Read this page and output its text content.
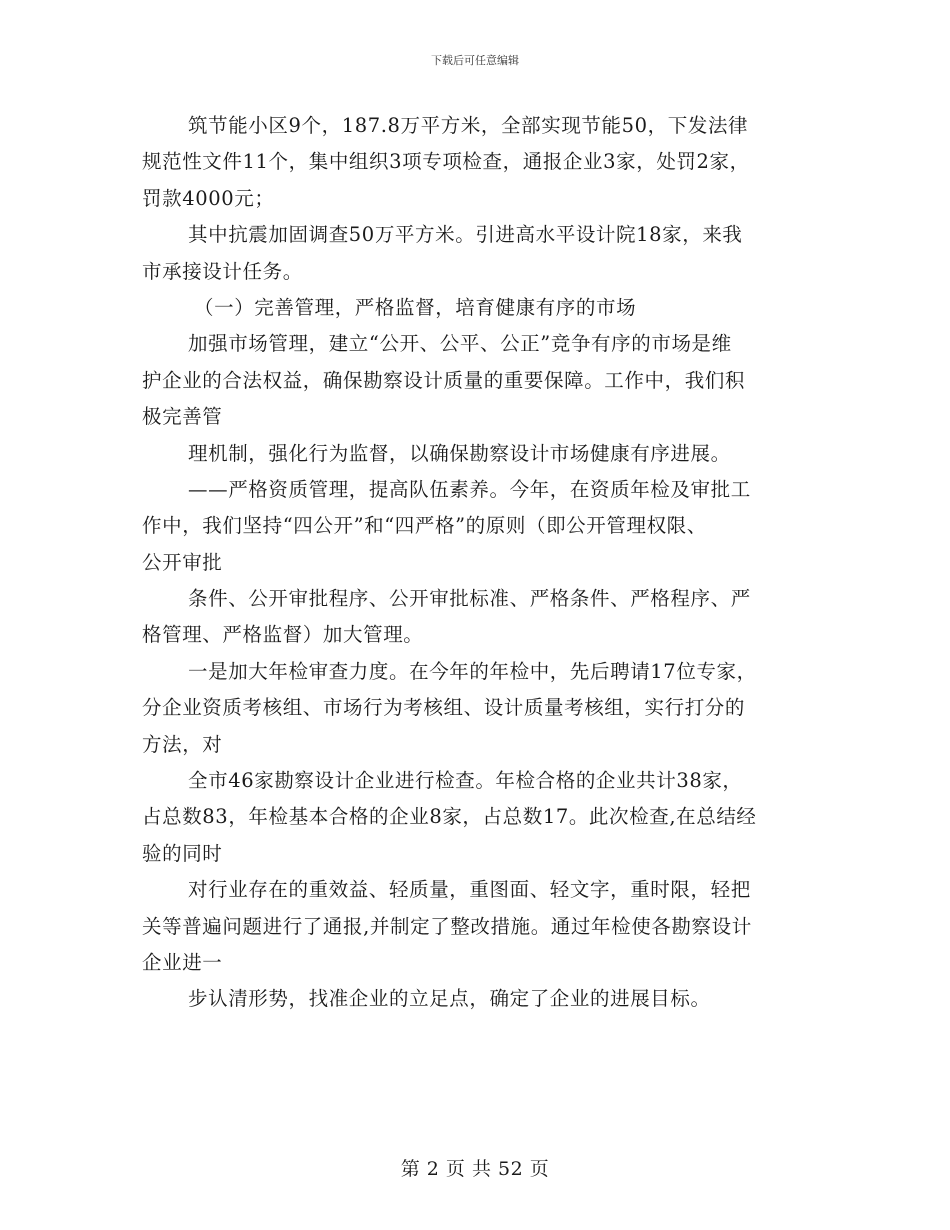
下载后可任意编辑
筑节能小区9个，187.8万平方米，全部实现节能50，下发法律
规范性文件11个，集中组织3项专项检查，通报企业3家，处罚2家，
罚款4000元；
其中抗震加固调查50万平方米。引进高水平设计院18家，来我
市承接设计任务。
（一）完善管理，严格监督，培育健康有序的市场
加强市场管理，建立“公开、公平、公正”竞争有序的市场是维
护企业的合法权益，确保勘察设计质量的重要保障。工作中，我们积
极完善管
理机制，强化行为监督，以确保勘察设计市场健康有序进展。
——严格资质管理，提高队伍素养。今年，在资质年检及审批工
作中，我们坚持“四公开”和“四严格”的原则（即公开管理权限、
公开审批
条件、公开审批程序、公开审批标准、严格条件、严格程序、严
格管理、严格监督）加大管理。
一是加大年检审查力度。在今年的年检中，先后聘请17位专家，
分企业资质考核组、市场行为考核组、设计质量考核组，实行打分的
方法，对
全市46家勘察设计企业进行检查。年检合格的企业共计38家，
占总数83，年检基本合格的企业8家，占总数17。此次检查,在总结经
验的同时
对行业存在的重效益、轻质量，重图面、轻文字，重时限，轻把
关等普遍问题进行了通报,并制定了整改措施。通过年检使各勘察设计
企业进一
步认清形势，找准企业的立足点，确定了企业的进展目标。
第 2 页 共 52 页
